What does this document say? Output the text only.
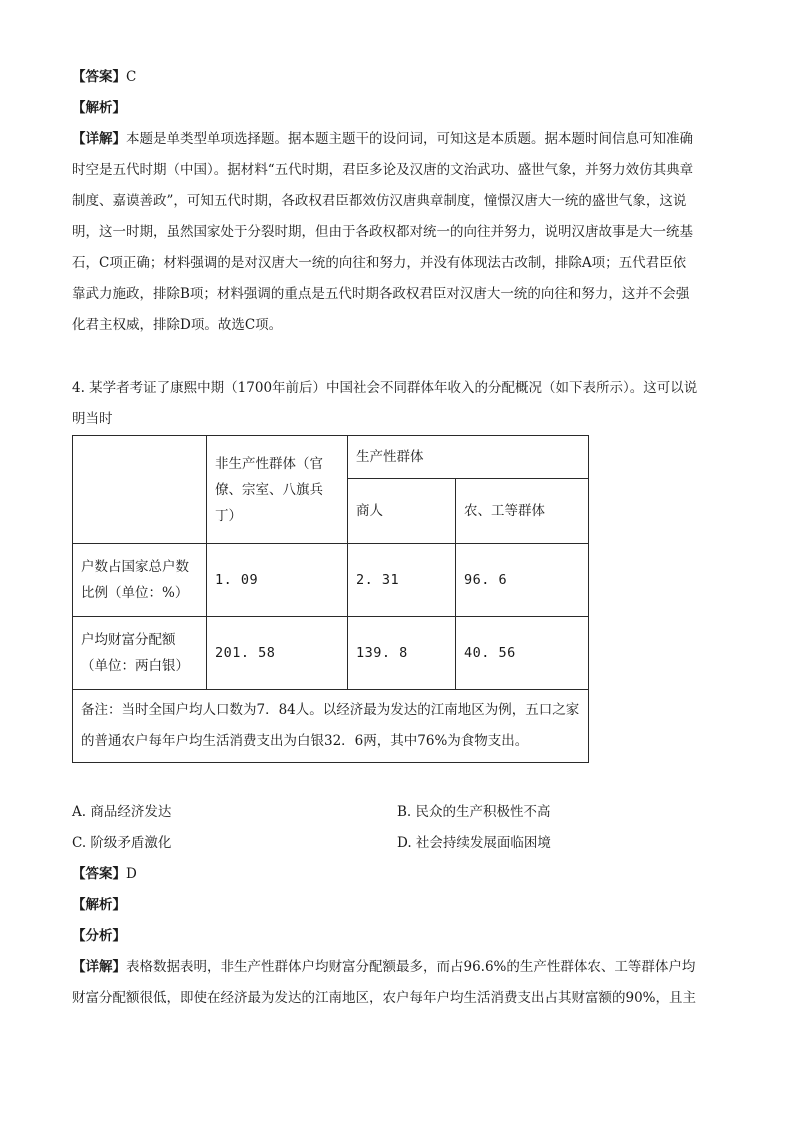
【答案】C
【解析】
【详解】本题是单类型单项选择题。据本题主题干的设问词，可知这是本质题。据本题时间信息可知准确
时空是五代时期（中国）。据材料“五代时期，君臣多论及汉唐的文治武功、盛世气象，并努力效仿其典章
制度、嘉谟善政”，可知五代时期，各政权君臣都效仿汉唐典章制度，憧憬汉唐大一统的盛世气象，这说
明，这一时期，虽然国家处于分裂时期，但由于各政权都对统一的向往并努力，说明汉唐故事是大一统基
石，C项正确；材料强调的是对汉唐大一统的向往和努力，并没有体现法古改制，排除A项；五代君臣依
靠武力施政，排除B项；材料强调的重点是五代时期各政权君臣对汉唐大一统的向往和努力，这并不会强
化君主权威，排除D项。故选C项。
4. 某学者考证了康熙中期（1700年前后）中国社会不同群体年收入的分配概况（如下表所示）。这可以说
明当时
	非生产性群体（官僚、宗室、八旗兵丁）	生产性群体	
		商人	农、工等群体
户数占国家总户数比例（单位：%）	1. 09	2. 31	96. 6
户均财富分配额（单位：两白银）	201. 58	139. 8	40. 56
备注：当时全国户均人口数为7．84人。以经济最为发达的江南地区为例，五口之家的普通农户每年户均生活消费支出为白银32．6两，其中76%为食物支出。			
A. 商品经济发达	B. 民众的生产积极性不高
C. 阶级矛盾激化	D. 社会持续发展面临困境
【答案】D
【解析】
【分析】
【详解】表格数据表明，非生产性群体户均财富分配额最多，而占96.6%的生产性群体农、工等群体户均
财富分配额很低，即使在经济最为发达的江南地区，农户每年户均生活消费支出占其财富额的90%，且主
